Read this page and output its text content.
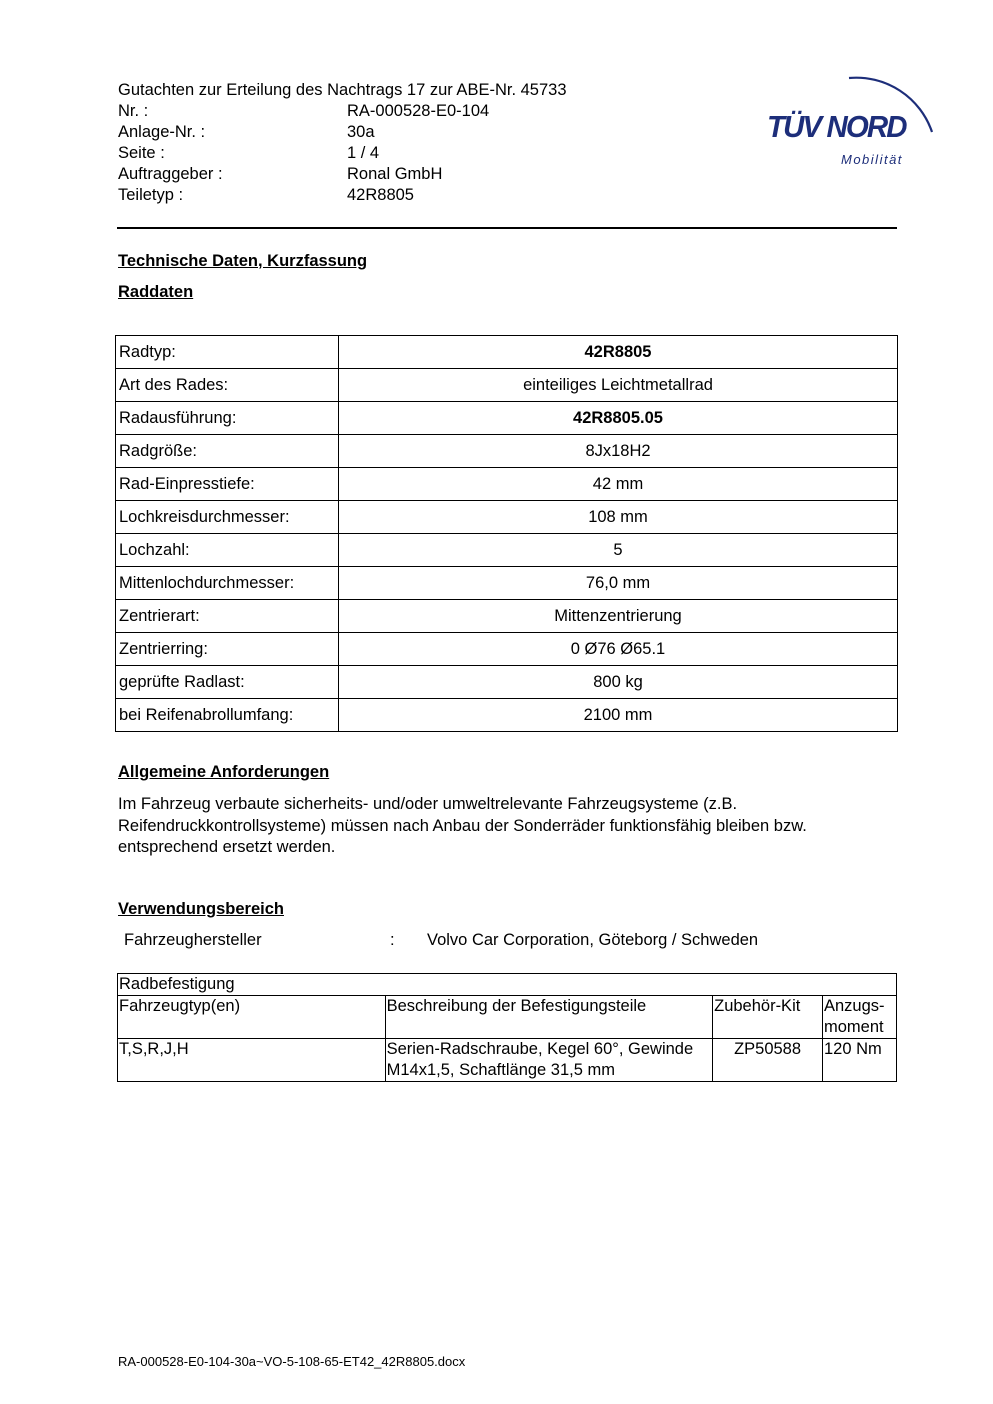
Gutachten zur Erteilung des Nachtrags 17 zur ABE-Nr. 45733
Nr. :	RA-000528-E0-104
Anlage-Nr. :	30a
Seite :	1 / 4
Auftraggeber :	Ronal GmbH
Teiletyp :	42R8805
TÜV NORD
Mobilität
Technische Daten, Kurzfassung
Raddaten
Radtyp:	42R8805
Art des Rades:	einteiliges Leichtmetallrad
Radausführung:	42R8805.05
Radgröße:	8Jx18H2
Rad-Einpresstiefe:	42 mm
Lochkreisdurchmesser:	108 mm
Lochzahl:	5
Mittenlochdurchmesser:	76,0 mm
Zentrierart:	Mittenzentrierung
Zentrierring:	0 Ø76 Ø65.1
geprüfte Radlast:	800 kg
bei Reifenabrollumfang:	2100 mm
Allgemeine Anforderungen
Im Fahrzeug verbaute sicherheits- und/oder umweltrelevante Fahrzeugsysteme (z.B. Reifendruckkontrollsysteme) müssen nach Anbau der Sonderräder funktionsfähig bleiben bzw. entsprechend ersetzt werden.
Verwendungsbereich
Fahrzeughersteller	: Volvo Car Corporation, Göteborg / Schweden
Radbefestigung			
Fahrzeugtyp(en)	Beschreibung der Befestigungsteile	Zubehör-Kit	Anzugs-moment
T,S,R,J,H	Serien-Radschraube, Kegel 60°, Gewinde M14x1,5, Schaftlänge 31,5 mm	ZP50588	120 Nm
RA-000528-E0-104-30a~VO-5-108-65-ET42_42R8805.docx
